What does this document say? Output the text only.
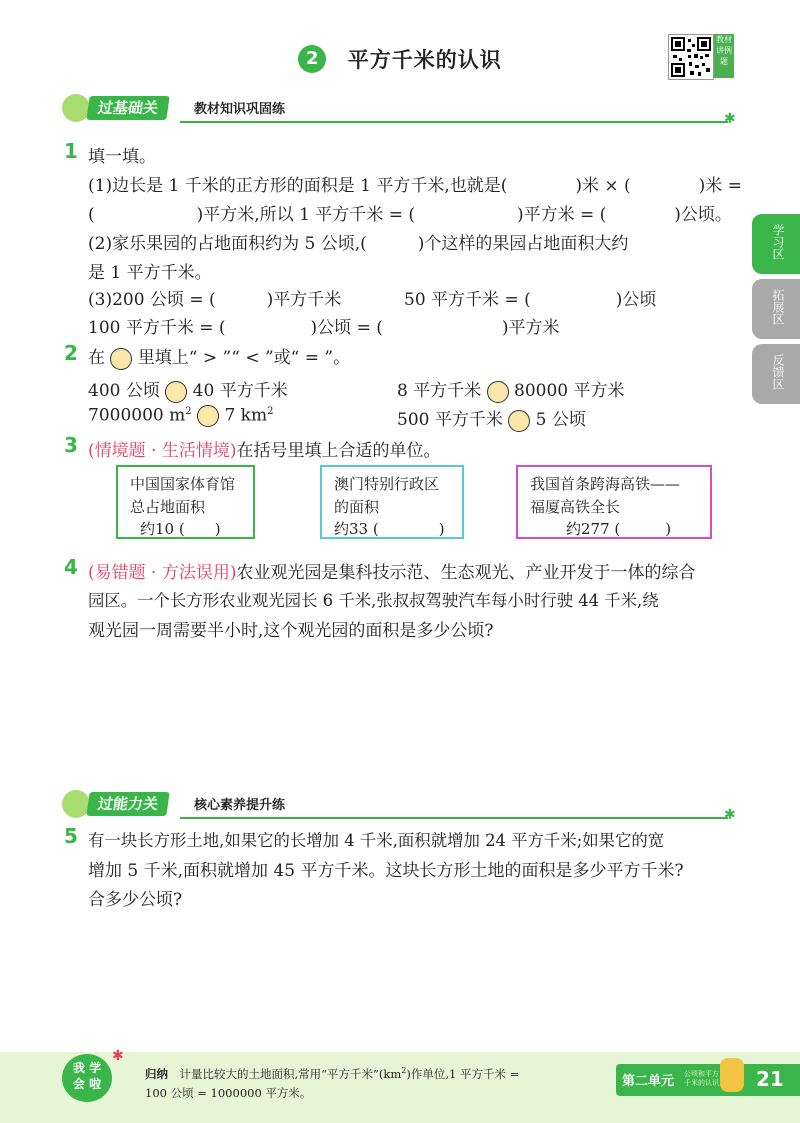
2 平方千米的认识
教材讲例题
过基础关	教材知识巩固练
✱
学习区
拓展区
反馈区
1 填一填。
(1)边长是 1 千米的正方形的面积是 1 平方千米,也就是(　　　　)米 × (　　　　)米 =
(　　　　　　)平方米,所以 1 平方千米 = (　　　　　　)平方米 = (　　　　)公顷。
(2)家乐果园的占地面积约为 5 公顷,(　　　)个这样的果园占地面积大约
是 1 平方千米。
(3)200 公顷 = (　　　)平方千米	50 平方千米 = (　　　　　)公顷
100 平方千米 = (　　　　　)公顷 = (　　　　　　　)平方米
2 在 里填上“ > ”“ < ”或“ = ”。
400 公顷 40 平方千米	8 平方千米 80000 平方米
7000000 $m^2$ 7 $km^2$	500 平方千米 5 公顷
3 (情境题 · 生活情境)在括号里填上合适的单位。
中国国家体育馆
总占地面积
约10 (　　)
澳门特别行政区
的面积
约33 (　　　　)
我国首条跨海高铁——
福厦高铁全长
约277 (　　　)
4 (易错题 · 方法误用)农业观光园是集科技示范、生态观光、产业开发于一体的综合
园区。一个长方形农业观光园长 6 千米,张叔叔驾驶汽车每小时行驶 44 千米,绕
观光园一周需要半小时,这个观光园的面积是多少公顷?
过能力关	核心素养提升练
✱
5 有一块长方形土地,如果它的长增加 4 千米,面积就增加 24 平方千米;如果它的宽
增加 5 千米,面积就增加 45 平方千米。这块长方形土地的面积是多少平方千米?
合多少公顷?
我 学
会 啦
✱
归纳　 计量比较大的土地面积,常用“平方千米$”(km^2)$作单位,1 平方千米 =
100 公顷 = 1000000 平方米。
第二单元 公顷和平方
千米的认识 21
